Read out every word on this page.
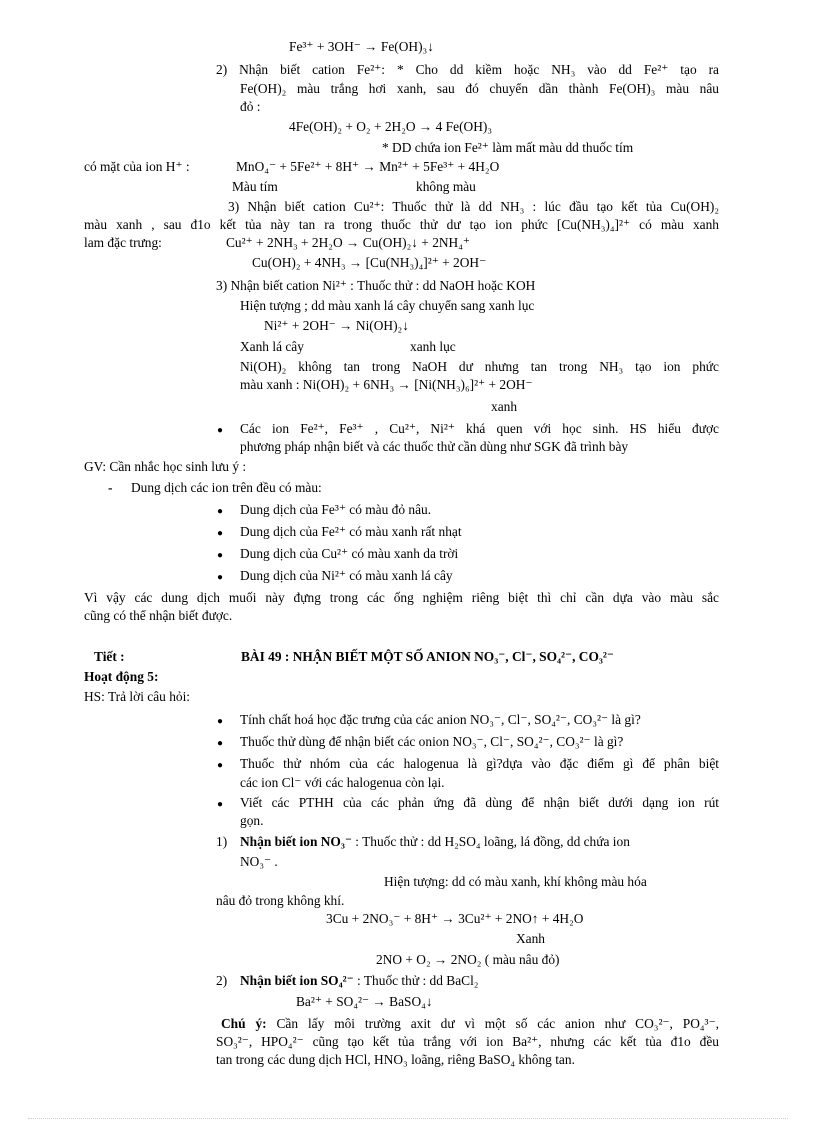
Fe³⁺ + 3OH⁻ → Fe(OH)₃↓
2) Nhận biết cation Fe²⁺: * Cho dd kiềm hoặc NH₃ vào dd Fe²⁺ tạo ra
Fe(OH)₂ màu trắng hơi xanh, sau đó chuyển dần thành Fe(OH)₃ màu nâu
đỏ :
4Fe(OH)₂ + O₂ + 2H₂O → 4 Fe(OH)₃
* DD chứa ion Fe²⁺ làm mất màu dd thuốc tím
có mặt của ion H⁺ :	MnO₄⁻ + 5Fe²⁺ + 8H⁺ → Mn²⁺ + 5Fe³⁺ + 4H₂O
Màu tím	không màu
3) Nhận biết cation Cu²⁺: Thuốc thử là dd NH₃ : lúc đầu tạo kết tủa Cu(OH)₂
màu xanh , sau đ1o kết tủa này tan ra trong thuốc thử dư tạo ion phức [Cu(NH₃)₄]²⁺ có màu xanh
lam đặc trưng:	Cu²⁺ + 2NH₃ + 2H₂O → Cu(OH)₂↓ + 2NH₄⁺
Cu(OH)₂ + 4NH₃ → [Cu(NH₃)₄]²⁺ + 2OH⁻
3) Nhận biết cation Ni²⁺ : Thuốc thử : dd NaOH hoặc KOH
Hiện tượng ; dd màu xanh lá cây chuyển sang xanh lục
Ni²⁺ + 2OH⁻ → Ni(OH)₂↓
Xanh lá cây	xanh lục
Ni(OH)₂ không tan trong NaOH dư nhưng tan trong NH₃ tạo ion phức
màu xanh : Ni(OH)₂ + 6NH₃ → [Ni(NH₃)₆]²⁺ + 2OH⁻
xanh
● Các ion Fe²⁺, Fe³⁺ , Cu²⁺, Ni²⁺ khá quen với học sinh. HS hiểu được
phương pháp nhận biết và các thuốc thử cần dùng như SGK đã trình bày
GV: Cần nhắc học sinh lưu ý :
- Dung dịch các ion trên đều có màu:
● Dung dịch của Fe³⁺ có màu đỏ nâu.
● Dung dịch của Fe²⁺ có màu xanh rất nhạt
● Dung dịch của Cu²⁺ có màu xanh da trời
● Dung dịch của Ni²⁺ có màu xanh lá cây
Vì vậy các dung dịch muối này đựng trong các ống nghiệm riêng biệt thì chỉ cần dựa vào màu sắc
cũng có thể nhận biết được.
Tiết :	BÀI 49 : NHẬN BIẾT MỘT SỐ ANION NO₃⁻, Cl⁻, SO₄²⁻, CO₃²⁻
Hoạt động 5:
HS: Trả lời câu hỏi:
● Tính chất hoá học đặc trưng của các anion NO₃⁻, Cl⁻, SO₄²⁻, CO₃²⁻ là gì?
● Thuốc thử dùng để nhận biết các onion NO₃⁻, Cl⁻, SO₄²⁻, CO₃²⁻ là gì?
● Thuốc thử nhóm của các halogenua là gì?dựa vào đặc điểm gì để phân biệt
các ion Cl⁻ với các halogenua còn lại.
● Viết các PTHH của các phản ứng đã dùng để nhận biết dưới dạng ion rút
gọn.
1) Nhận biết ion NO₃⁻ : Thuốc thử : dd H₂SO₄ loãng, lá đồng, dd chứa ion
NO₃⁻ .
Hiện tượng: dd có màu xanh, khí không màu hóa
nâu đỏ trong không khí.
3Cu + 2NO₃⁻ + 8H⁺ → 3Cu²⁺ + 2NO↑ + 4H₂O
Xanh
2NO + O₂ → 2NO₂ ( màu nâu đỏ)
2) Nhận biết ion SO₄²⁻ : Thuốc thử : dd BaCl₂
Ba²⁺ + SO₄²⁻ → BaSO₄↓
Chú ý: Cần lấy môi trường axit dư vì một số các anion như CO₃²⁻, PO₄³⁻,
SO₃²⁻, HPO₄²⁻ cũng tạo kết tủa trắng với ion Ba²⁺, nhưng các kết tủa đ1o đều
tan trong các dung dịch HCl, HNO₃ loãng, riêng BaSO₄ không tan.
